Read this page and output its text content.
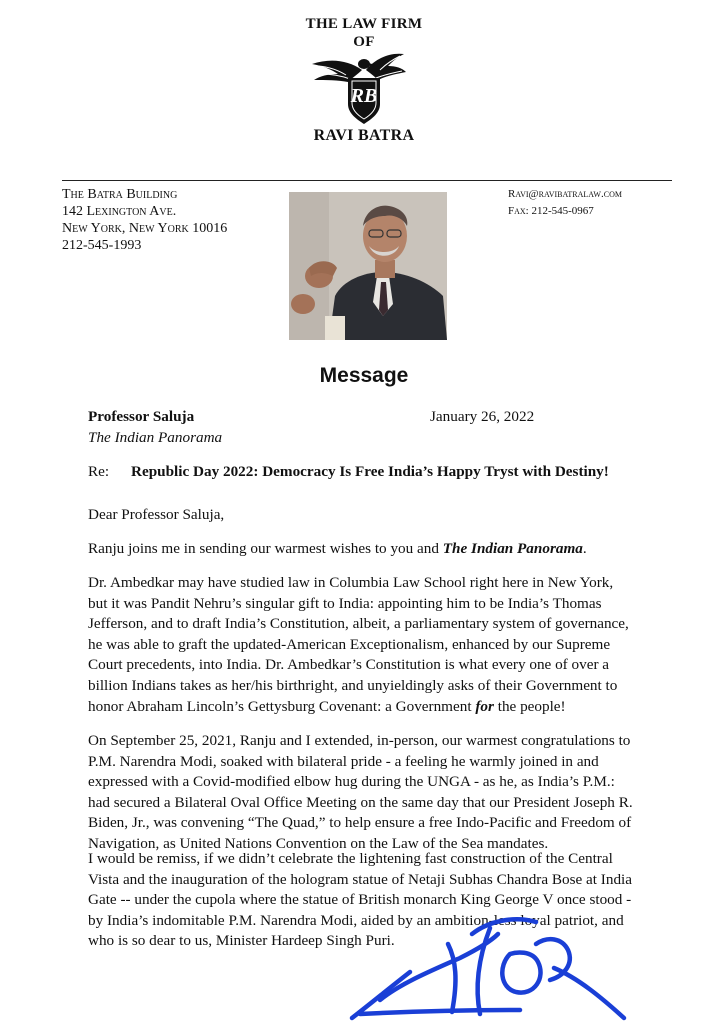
THE LAW FIRM
OF
RB
RAVI BATRA
The Batra Building
142 Lexington Ave.
New York, New York 10016
212-545-1993
Ravi@ravibatralaw.com
Fax: 212-545-0967
Message
Professor Saluja
The Indian Panorama
January 26, 2022
Re: Republic Day 2022: Democracy Is Free India’s Happy Tryst with Destiny!
Dear Professor Saluja,
Ranju joins me in sending our warmest wishes to you and The Indian Panorama.
Dr. Ambedkar may have studied law in Columbia Law School right here in New York,
but it was Pandit Nehru’s singular gift to India: appointing him to be India’s Thomas
Jefferson, and to draft India’s Constitution, albeit, a parliamentary system of governance,
he was able to graft the updated-American Exceptionalism, enhanced by our Supreme
Court precedents, into India. Dr. Ambedkar’s Constitution is what every one of over a
billion Indians takes as her/his birthright, and unyieldingly asks of their Government to
honor Abraham Lincoln’s Gettysburg Covenant: a Government for the people!
On September 25, 2021, Ranju and I extended, in-person, our warmest congratulations to
P.M. Narendra Modi, soaked with bilateral pride - a feeling he warmly joined in and
expressed with a Covid-modified elbow hug during the UNGA - as he, as India’s P.M.:
had secured a Bilateral Oval Office Meeting on the same day that our President Joseph R.
Biden, Jr., was convening “The Quad,” to help ensure a free Indo-Pacific and Freedom of
Navigation, as United Nations Convention on the Law of the Sea mandates.
I would be remiss, if we didn’t celebrate the lightening fast construction of the Central
Vista and the inauguration of the hologram statue of Netaji Subhas Chandra Bose at India
Gate -- under the cupola where the statue of British monarch King George V once stood -
by India’s indomitable P.M. Narendra Modi, aided by an ambition-less loyal patriot, and
who is so dear to us, Minister Hardeep Singh Puri.
